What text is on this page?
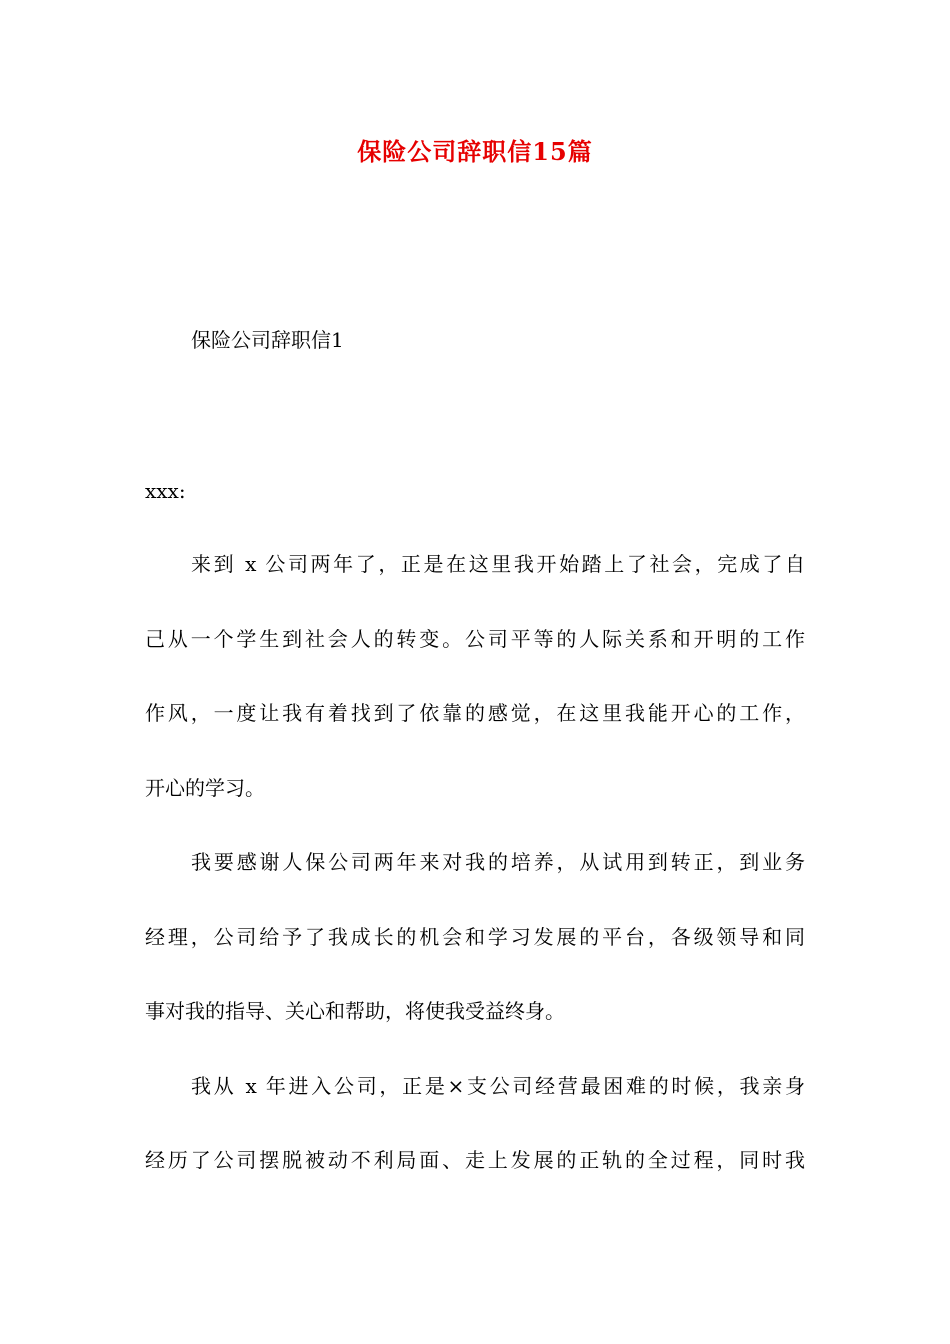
保险公司辞职信15篇
保险公司辞职信1
xxx:
来到 x 公司两年了，正是在这里我开始踏上了社会，完成了自
己从一个学生到社会人的转变。公司平等的人际关系和开明的工作
作风，一度让我有着找到了依靠的感觉，在这里我能开心的工作，
开心的学习。
我要感谢人保公司两年来对我的培养，从试用到转正，到业务
经理，公司给予了我成长的机会和学习发展的平台，各级领导和同
事对我的指导、关心和帮助，将使我受益终身。
我从 x 年进入公司，正是×支公司经营最困难的时候，我亲身
经历了公司摆脱被动不利局面、走上发展的正轨的全过程，同时我
